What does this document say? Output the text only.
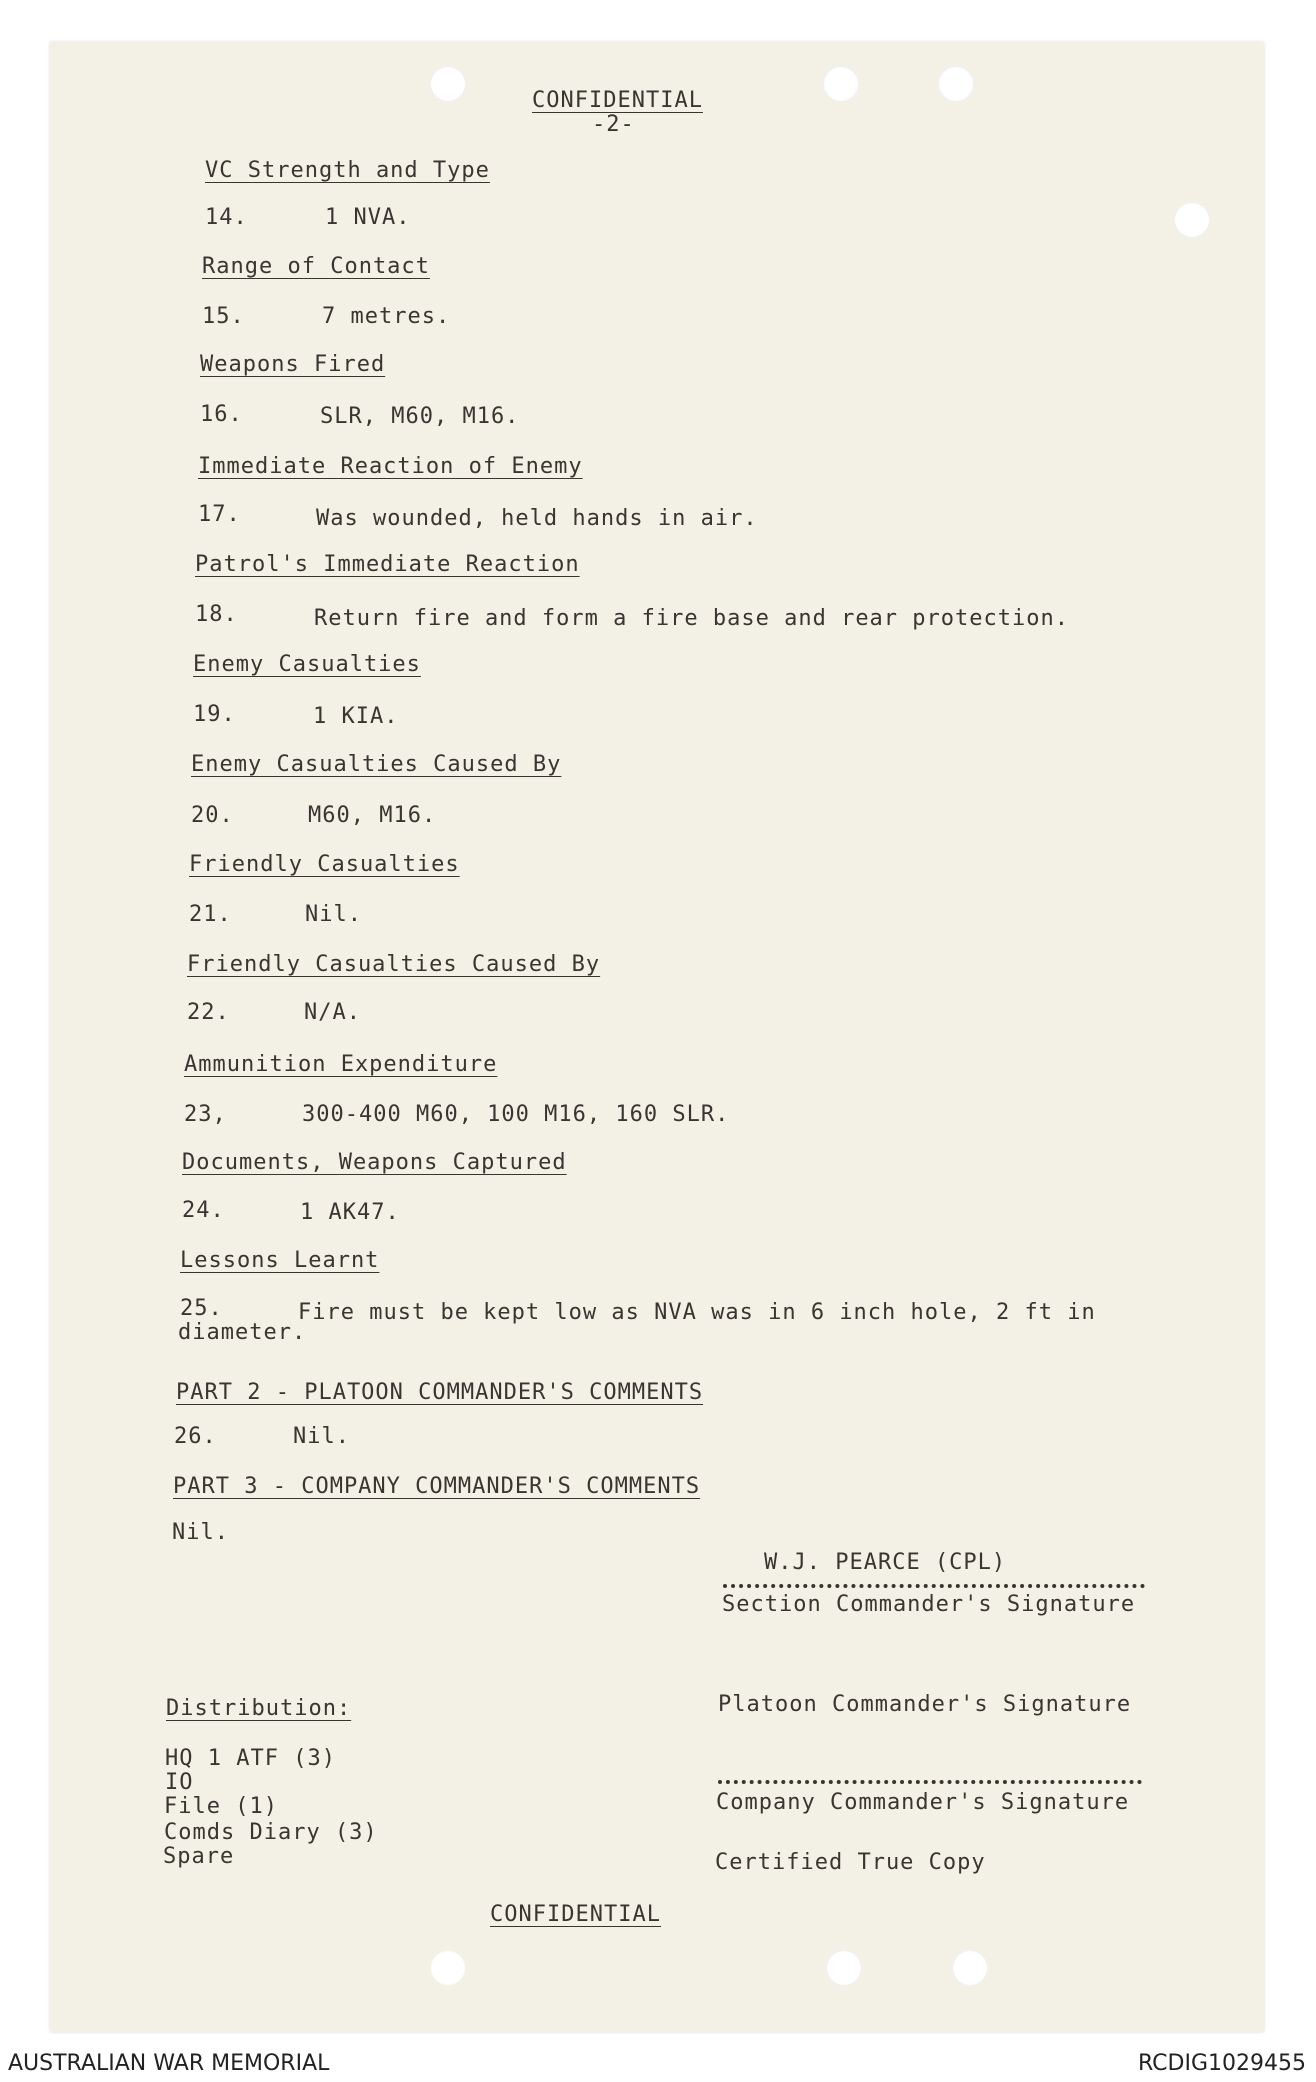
CONFIDENTIAL
-2-
VC Strength and Type
14.	1 NVA.
Range of Contact
15.	7 metres.
Weapons Fired
16.	SLR, M60, M16.
Immediate Reaction of Enemy
17.	Was wounded, held hands in air.
Patrol's Immediate Reaction
18.	Return fire and form a fire base and rear protection.
Enemy Casualties
19.	1 KIA.
Enemy Casualties Caused By
20.	M60, M16.
Friendly Casualties
21.	Nil.
Friendly Casualties Caused By
22.	N/A.
Ammunition Expenditure
23,	300-400 M60, 100 M16, 160 SLR.
Documents, Weapons Captured
24.	1 AK47.
Lessons Learnt
25.	Fire must be kept low as NVA was in 6 inch hole, 2 ft in
diameter.
PART 2 - PLATOON COMMANDER'S COMMENTS
26.	Nil.
PART 3 - COMPANY COMMANDER'S COMMENTS
Nil.
W.J. PEARCE (CPL)
Section Commander's Signature
Platoon Commander's Signature
Company Commander's Signature
Certified True Copy
Distribution:
HQ 1 ATF (3)
IO
File (1)
Comds Diary (3)
Spare
CONFIDENTIAL
AUSTRALIAN WAR MEMORIAL	RCDIG1029455
